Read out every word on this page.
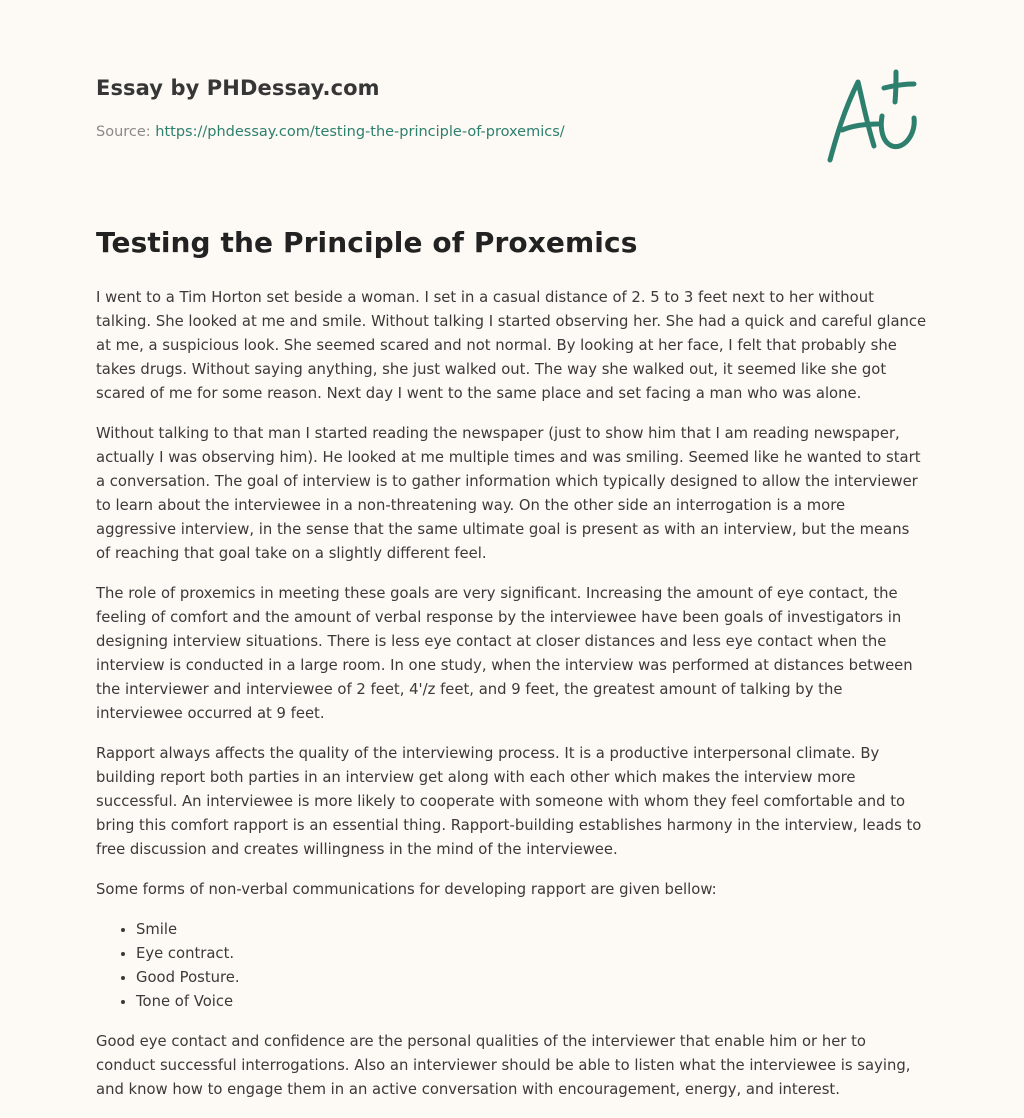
Essay by PHDessay.com
Source: https://phdessay.com/testing-the-principle-of-proxemics/
Testing the Principle of Proxemics

I went to a Tim Horton set beside a woman. I set in a casual distance of 2. 5 to 3 feet next to her without talking. She looked at me and smile. Without talking I started observing her. She had a quick and careful glance at me, a suspicious look. She seemed scared and not normal. By looking at her face, I felt that probably she takes drugs. Without saying anything, she just walked out. The way she walked out, it seemed like she got scared of me for some reason. Next day I went to the same place and set facing a man who was alone.

Without talking to that man I started reading the newspaper (just to show him that I am reading newspaper, actually I was observing him). He looked at me multiple times and was smiling. Seemed like he wanted to start a conversation. The goal of interview is to gather information which typically designed to allow the interviewer to learn about the interviewee in a non-threatening way. On the other side an interrogation is a more aggressive interview, in the sense that the same ultimate goal is present as with an interview, but the means of reaching that goal take on a slightly different feel.

The role of proxemics in meeting these goals are very significant. Increasing the amount of eye contact, the feeling of comfort and the amount of verbal response by the interviewee have been goals of investigators in designing interview situations. There is less eye contact at closer distances and less eye contact when the interview is conducted in a large room. In one study, when the interview was performed at distances between the interviewer and interviewee of 2 feet, 4'/z feet, and 9 feet, the greatest amount of talking by the interviewee occurred at 9 feet.

Rapport always affects the quality of the interviewing process. It is a productive interpersonal climate. By building report both parties in an interview get along with each other which makes the interview more successful. An interviewee is more likely to cooperate with someone with whom they feel comfortable and to bring this comfort rapport is an essential thing. Rapport-building establishes harmony in the interview, leads to free discussion and creates willingness in the mind of the interviewee.

Some forms of non-verbal communications for developing rapport are given bellow:

• Smile
• Eye contract.
• Good Posture.
• Tone of Voice

Good eye contact and confidence are the personal qualities of the interviewer that enable him or her to conduct successful interrogations. Also an interviewer should be able to listen what the interviewee is saying, and know how to engage them in an active conversation with encouragement, energy, and interest.
